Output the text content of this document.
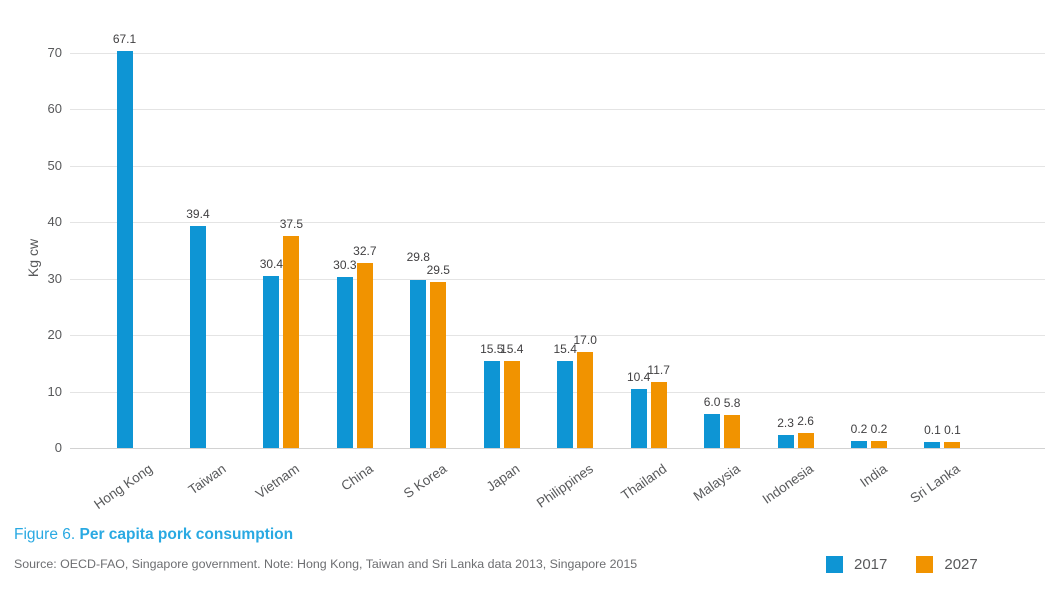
Kg cw
0
10
20
30
40
50
60
70
Hong Kong Taiwan Vietnam	China S Korea	Japan Philippines Thailand Malaysia Indonesia	India Sri Lanka
67.1
39.4
30.4	30.3
29.8
15.5	15.4
10.4
6.0
2.3	0.2	0.1
37.5
32.7
29.5
15.4
17.0
11.7
5.8
2.6
0.2	0.1
Figure 6. Per capita pork consumption
Source: OECD-FAO, Singapore government. Note: Hong Kong, Taiwan and Sri Lanka data 2013, Singapore 2015	2017	2027
